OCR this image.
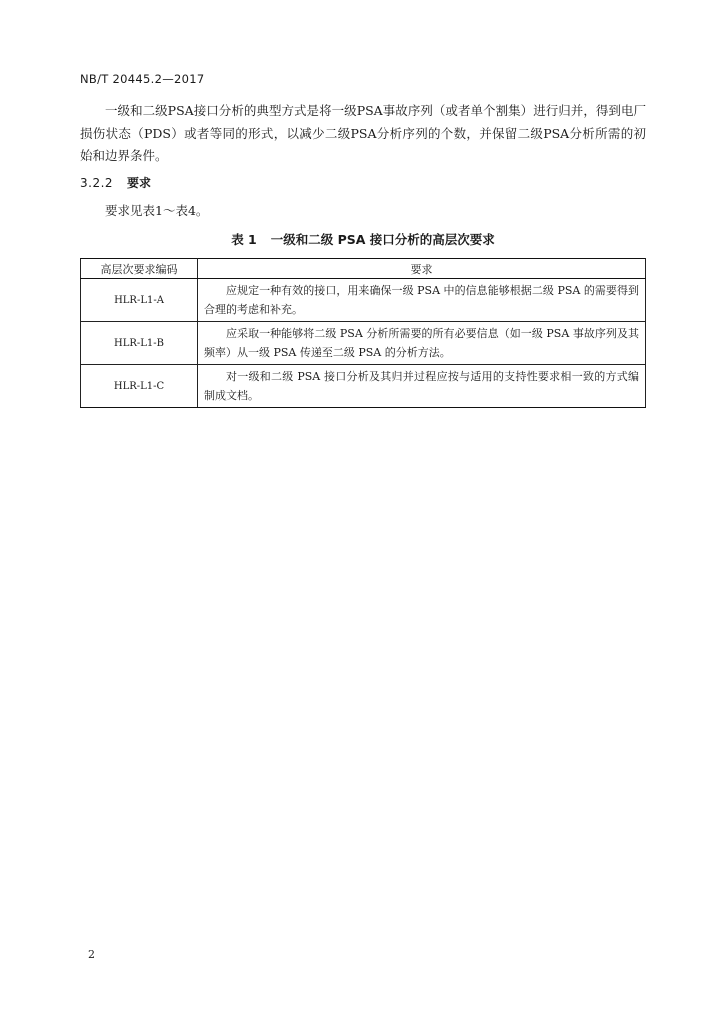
NB/T 20445.2—2017

一级和二级PSA接口分析的典型方式是将一级PSA事故序列（或者单个割集）进行归并，得到电厂损伤状态（PDS）或者等同的形式，以减少二级PSA分析序列的个数，并保留二级PSA分析所需的初始和边界条件。

3.2.2 要求

要求见表1～表4。

表 1 一级和二级 PSA 接口分析的高层次要求
高层次要求编码	要求
HLR-L1-A	应规定一种有效的接口，用来确保一级 PSA 中的信息能够根据二级 PSA 的需要得到合理的考虑和补充。
HLR-L1-B	应采取一种能够将二级 PSA 分析所需要的所有必要信息（如一级 PSA 事故序列及其频率）从一级 PSA 传递至二级 PSA 的分析方法。
HLR-L1-C	对一级和二级 PSA 接口分析及其归并过程应按与适用的支持性要求相一致的方式编制成文档。
2
